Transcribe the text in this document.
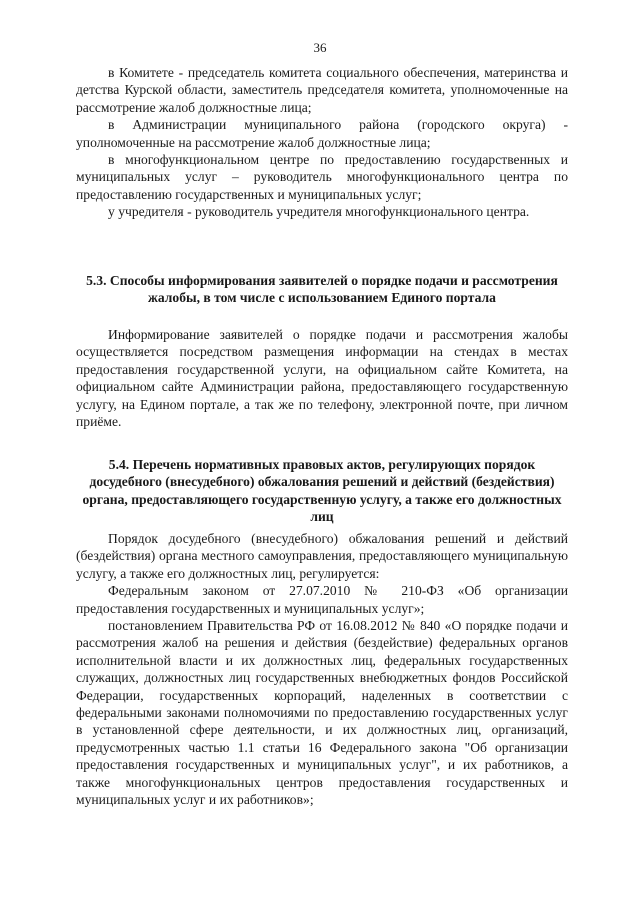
36

в Комитете - председатель комитета социального обеспечения, материнства и детства Курской области, заместитель председателя комитета, уполномоченные на рассмотрение жалоб должностные лица;

в Администрации муниципального района (городского округа) - уполномоченные на рассмотрение жалоб должностные лица;

в многофункциональном центре по предоставлению государственных и муниципальных услуг – руководитель многофункционального центра по предоставлению государственных и муниципальных услуг;

у учредителя - руководитель учредителя многофункционального центра.

5.3. Способы информирования заявителей о порядке подачи и рассмотрения жалобы, в том числе с использованием Единого портала

Информирование заявителей о порядке подачи и рассмотрения жалобы осуществляется посредством размещения информации на стендах в местах предоставления государственной услуги, на официальном сайте Комитета, на официальном сайте Администрации района, предоставляющего государственную услугу, на Едином портале, а так же по телефону, электронной почте, при личном приёме.

5.4. Перечень нормативных правовых актов, регулирующих порядок досудебного (внесудебного) обжалования решений и действий (бездействия) органа, предоставляющего государственную услугу, а также его должностных лиц

Порядок досудебного (внесудебного) обжалования решений и действий (бездействия) органа местного самоуправления, предоставляющего муниципальную услугу, а также его должностных лиц, регулируется:

Федеральным законом от 27.07.2010 № 210-ФЗ «Об организации предоставления государственных и муниципальных услуг»;

постановлением Правительства РФ от 16.08.2012 № 840 «О порядке подачи и рассмотрения жалоб на решения и действия (бездействие) федеральных органов исполнительной власти и их должностных лиц, федеральных государственных служащих, должностных лиц государственных внебюджетных фондов Российской Федерации, государственных корпораций, наделенных в соответствии с федеральными законами полномочиями по предоставлению государственных услуг в установленной сфере деятельности, и их должностных лиц, организаций, предусмотренных частью 1.1 статьи 16 Федерального закона "Об организации предоставления государственных и муниципальных услуг", и их работников, а также многофункциональных центров предоставления государственных и муниципальных услуг и их работников»;
